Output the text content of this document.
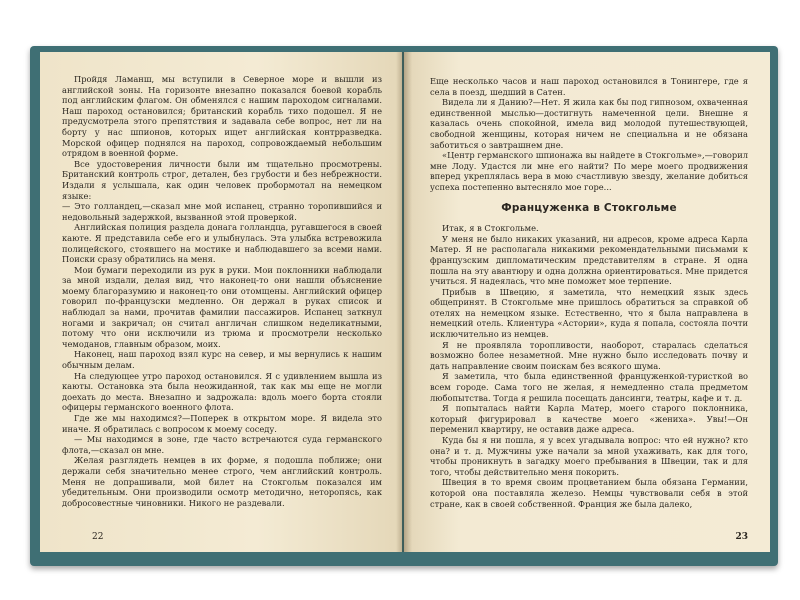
Пройдя Ламанш, мы вступили в Северное море и вышли из английской зоны. На горизонте внезапно показался боевой корабль под английским флагом. Он обменялся с нашим пароходом сигналами. Наш пароход остановился; британский корабль тихо подошел. Я не предусмотрела этого препятствия и задавала себе вопрос, нет ли на борту у нас шпионов, которых ищет английская контрразведка. Морской офицер поднялся на пароход, сопровождаемый небольшим отрядом в военной форме.

Все удостоверения личности были им тщательно просмотрены. Британский контроль строг, детален, без грубости и без небрежности. Издали я услышала, как один человек пробормотал на немецком языке:

— Это голландец,—сказал мне мой испанец, странно торопившийся и недовольный задержкой, вызванной этой проверкой.

Английская полиция раздела донага голландца, ругавшегося в своей каюте. Я представила себе его и улыбнулась. Эта улыбка встревожила полицейского, стоявшего на мостике и наблюдавшего за всеми нами. Поиски сразу обратились на меня.

Мои бумаги переходили из рук в руки. Мои поклонники наблюдали за мной издали, делая вид, что наконец-то они нашли объяснение моему благоразумию и наконец-то они отомщены. Английский офицер говорил по-французски медленно. Он держал в руках список и наблюдал за нами, прочитав фамилии пассажиров. Испанец заткнул ногами и закричал; он считал англичан слишком неделикатными, потому что они исключили из трюма и просмотрели несколько чемоданов, главным образом, моих.

Наконец, наш пароход взял курс на север, и мы вернулись к нашим обычным делам.

На следующее утро пароход остановился. Я с удивлением вышла из каюты. Остановка эта была неожиданной, так как мы еще не могли доехать до места. Внезапно и задрожала: вдоль моего борта стояли офицеры германского военного флота.

Где же мы находимся?—Поперек в открытом море. Я видела это иначе. Я обратилась с вопросом к моему соседу.

— Мы находимся в зоне, где часто встречаются суда германского флота,—сказал он мне.

Желая разглядеть немцев в их форме, я подошла поближе; они держали себя значительно менее строго, чем английский контроль. Меня не допрашивали, мой билет на Стокгольм показался им убедительным. Они производили осмотр методично, неторопясь, как добросовестные чиновники. Никого не раздевали.

22

Еще несколько часов и наш пароход остановился в Тонингере, где я села в поезд, шедший в Сатен.

Видела ли я Данию?—Нет. Я жила как бы под гипнозом, охваченная единственной мыслью—достигнуть намеченной цели. Внешне я казалась очень спокойной, имела вид молодой путешествующей, свободной женщины, которая ничем не специальна и не обязана заботиться о завтрашнем дне.

«Центр германского шпионажа вы найдете в Стокгольме»,—говорил мне Лоду. Удастся ли мне его найти? По мере моего продвижения вперед укреплялась вера в мою счастливую звезду, желание добиться успеха постепенно вытесняло мое горе...

Француженка в Стокгольме

Итак, я в Стокгольме.

У меня не было никаких указаний, ни адресов, кроме адреса Карла Матер. Я не располагала никакими рекомендательными письмами к французским дипломатическим представителям в стране. Я одна пошла на эту авантюру и одна должна ориентироваться. Мне придется учиться. Я надеялась, что мне поможет мое терпение.

Прибыв в Швецию, я заметила, что немецкий язык здесь общепринят. В Стокгольме мне пришлось обратиться за справкой об отелях на немецком языке. Естественно, что я была направлена в немецкий отель. Клиентура «Астории», куда я попала, состояла почти исключительно из немцев.

Я не проявляла торопливости, наоборот, старалась сделаться возможно более незаметной. Мне нужно было исследовать почву и дать направление своим поискам без всякого шума.

Я заметила, что была единственной француженкой-туристкой во всем городе. Сама того не желая, я немедленно стала предметом любопытства. Тогда я решила посещать дансинги, театры, кафе и т. д.

Я попыталась найти Карла Матер, моего старого поклонника, который фигурировал в качестве моего «жениха». Увы!—Он переменил квартиру, не оставив даже адреса.

Куда бы я ни пошла, я у всех угадывала вопрос: что ей нужно? кто она? и т. д. Мужчины уже начали за мной ухаживать, как для того, чтобы проникнуть в загадку моего пребывания в Швеции, так и для того, чтобы действительно меня покорить.

Швеция в то время своим процветанием была обязана Германии, которой она поставляла железо. Немцы чувствовали себя в этой стране, как в своей собственной. Франция же была далеко,

23
